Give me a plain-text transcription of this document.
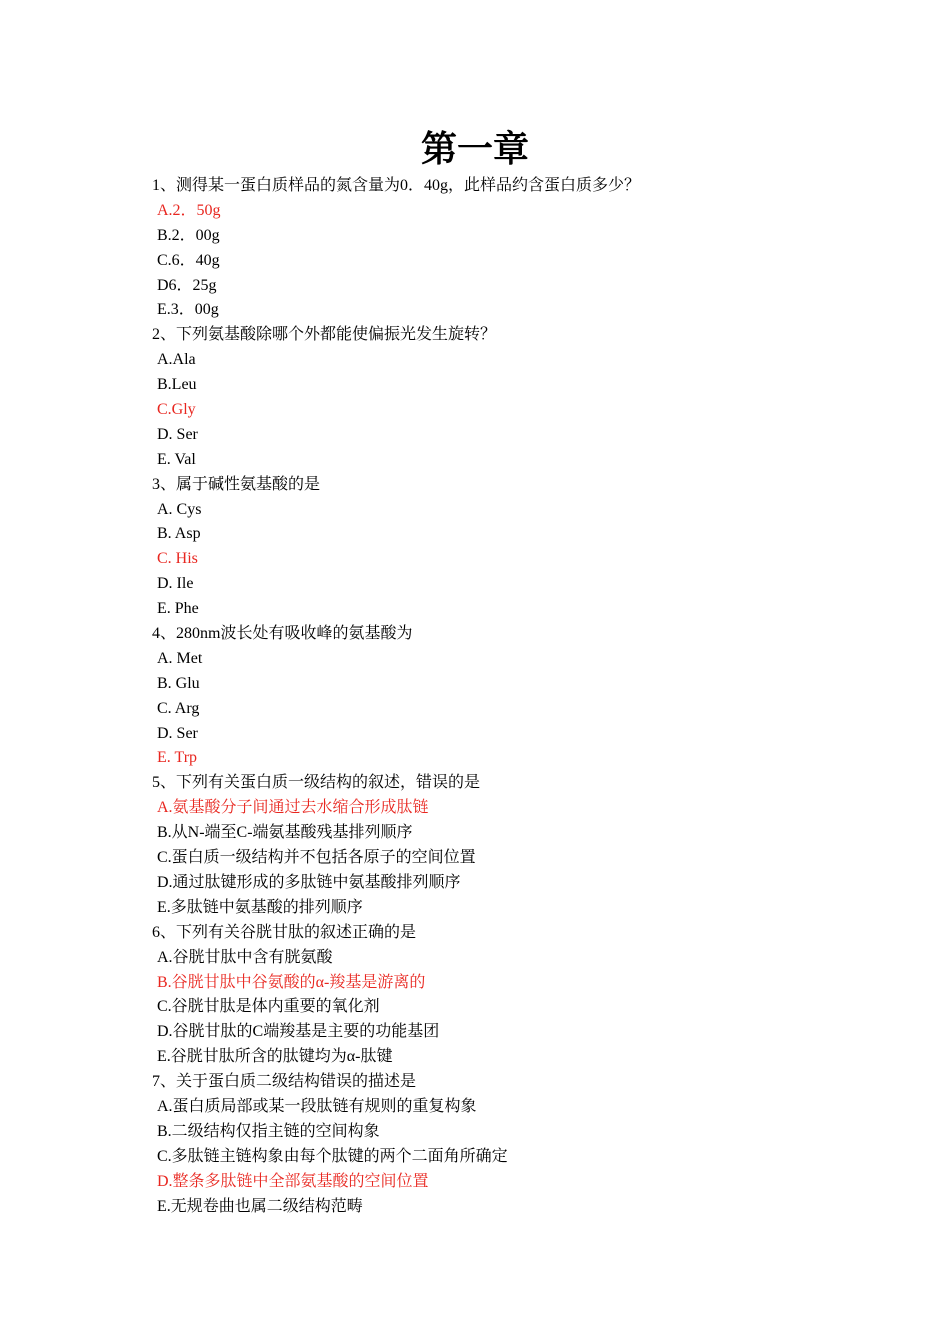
第一章
1、测得某一蛋白质样品的氮含量为0．40g，此样品约含蛋白质多少？
A.2．50g
B.2．00g
C.6．40g
D6．25g
E.3．00g
2、下列氨基酸除哪个外都能使偏振光发生旋转？
A.Ala
B.Leu
C.Gly
D. Ser
E. Val
3、属于碱性氨基酸的是
A. Cys
B. Asp
C. His
D. Ile
E. Phe
4、280nm波长处有吸收峰的氨基酸为
A. Met
B. Glu
C. Arg
D. Ser
E. Trp
5、下列有关蛋白质一级结构的叙述，错误的是
A.氨基酸分子间通过去水缩合形成肽链
B.从N-端至C-端氨基酸残基排列顺序
C.蛋白质一级结构并不包括各原子的空间位置
D.通过肽键形成的多肽链中氨基酸排列顺序
E.多肽链中氨基酸的排列顺序
6、下列有关谷胱甘肽的叙述正确的是
A.谷胱甘肽中含有胱氨酸
B.谷胱甘肽中谷氨酸的α-羧基是游离的
C.谷胱甘肽是体内重要的氧化剂
D.谷胱甘肽的C端羧基是主要的功能基团
E.谷胱甘肽所含的肽键均为α-肽键
7、关于蛋白质二级结构错误的描述是
A.蛋白质局部或某一段肽链有规则的重复构象
B.二级结构仅指主链的空间构象
C.多肽链主链构象由每个肽键的两个二面角所确定
D.整条多肽链中全部氨基酸的空间位置
E.无规卷曲也属二级结构范畴
